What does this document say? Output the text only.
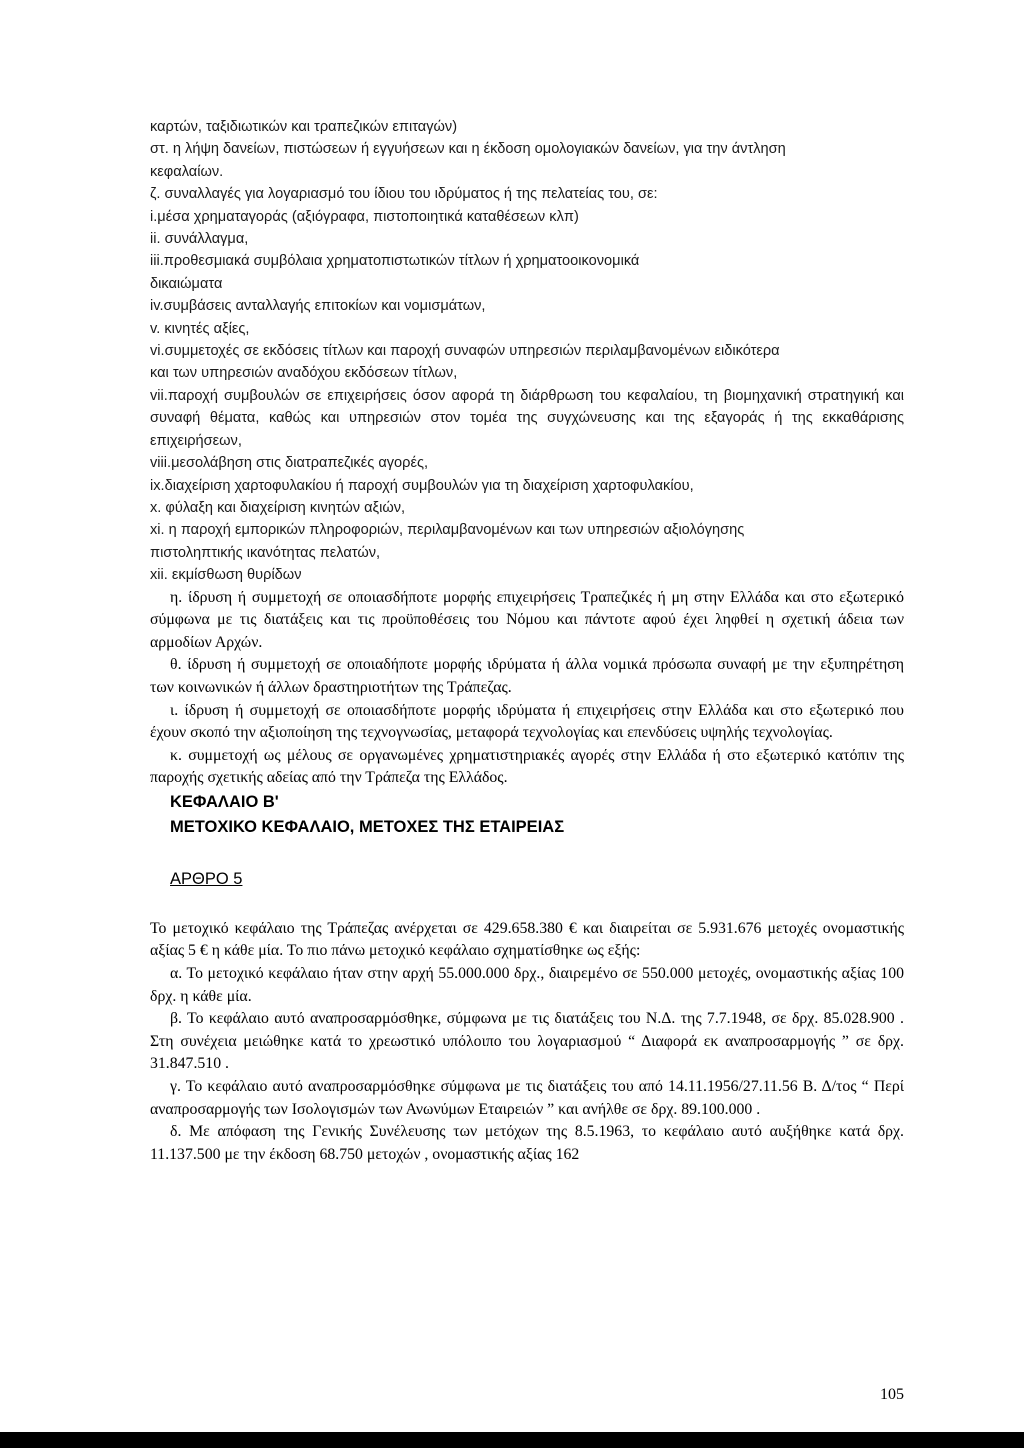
καρτών, ταξιδιωτικών και τραπεζικών επιταγών)

στ. η λήψη δανείων, πιστώσεων ή εγγυήσεων και η έκδοση ομολογιακών δανείων, για την άντληση κεφαλαίων.

ζ. συναλλαγές για λογαριασμό του ίδιου του ιδρύματος ή της πελατείας του, σε:

i.μέσα χρηματαγοράς (αξιόγραφα, πιστοποιητικά καταθέσεων κλπ)

ii. συνάλλαγμα,

iii.προθεσμιακά συμβόλαια χρηματοπιστωτικών τίτλων ή χρηματοοικονομικά δικαιώματα

iv.συμβάσεις ανταλλαγής επιτοκίων και νομισμάτων,

v. κινητές αξίες,

vi.συμμετοχές σε εκδόσεις τίτλων και παροχή συναφών υπηρεσιών περιλαμβανομένων ειδικότερα και των υπηρεσιών αναδόχου εκδόσεων τίτλων,

vii.παροχή συμβουλών σε επιχειρήσεις όσον αφορά τη διάρθρωση του κεφαλαίου, τη βιομηχανική στρατηγική και συναφή θέματα, καθώς και υπηρεσιών στον τομέα της συγχώνευσης και της εξαγοράς ή της εκκαθάρισης επιχειρήσεων,

viii.μεσολάβηση στις διατραπεζικές αγορές,

ix.διαχείριση χαρτοφυλακίου ή παροχή συμβουλών για τη διαχείριση χαρτοφυλακίου,

x. φύλαξη και διαχείριση κινητών αξιών,

xi. η παροχή εμπορικών πληροφοριών, περιλαμβανομένων και των υπηρεσιών αξιολόγησης πιστοληπτικής ικανότητας πελατών,

xii. εκμίσθωση θυρίδων

η. ίδρυση ή συμμετοχή σε οποιασδήποτε μορφής επιχειρήσεις Τραπεζικές ή μη στην Ελλάδα και στο εξωτερικό σύμφωνα με τις διατάξεις και τις προϋποθέσεις του Νόμου και πάντοτε αφού έχει ληφθεί η σχετική άδεια των αρμοδίων Αρχών.

θ. ίδρυση ή συμμετοχή σε οποιαδήποτε μορφής ιδρύματα ή άλλα νομικά πρόσωπα συναφή με την εξυπηρέτηση των κοινωνικών ή άλλων δραστηριοτήτων της Τράπεζας.

ι. ίδρυση ή συμμετοχή σε οποιασδήποτε μορφής ιδρύματα ή επιχειρήσεις στην Ελλάδα και στο εξωτερικό που έχουν σκοπό την αξιοποίηση της τεχνογνωσίας, μεταφορά τεχνολογίας και επενδύσεις υψηλής τεχνολογίας.

κ. συμμετοχή ως μέλους σε οργανωμένες χρηματιστηριακές αγορές στην Ελλάδα ή στο εξωτερικό κατόπιν της παροχής σχετικής αδείας από την Τράπεζα της Ελλάδος.

ΚΕΦΑΛΑΙΟ Β'
ΜΕΤΟΧΙΚΟ ΚΕΦΑΛΑΙΟ, ΜΕΤΟΧΕΣ ΤΗΣ ΕΤΑΙΡΕΙΑΣ
ΑΡΘΡΟ 5

Το μετοχικό κεφάλαιο της Τράπεζας ανέρχεται σε 429.658.380 € και διαιρείται σε 5.931.676 μετοχές ονομαστικής αξίας 5 € η κάθε μία. Το πιο πάνω μετοχικό κεφάλαιο σχηματίσθηκε ως εξής:

α. Το μετοχικό κεφάλαιο ήταν στην αρχή 55.000.000 δρχ., διαιρεμένο σε 550.000 μετοχές, ονομαστικής αξίας 100 δρχ. η κάθε μία.

β. Το κεφάλαιο αυτό αναπροσαρμόσθηκε, σύμφωνα με τις διατάξεις του Ν.Δ. της 7.7.1948, σε δρχ. 85.028.900 . Στη συνέχεια μειώθηκε κατά το χρεωστικό υπόλοιπο του λογαριασμού “ Διαφορά εκ αναπροσαρμογής ” σε δρχ. 31.847.510 .

γ. Το κεφάλαιο αυτό αναπροσαρμόσθηκε σύμφωνα με τις διατάξεις του από 14.11.1956/27.11.56 Β. Δ/τος “ Περί αναπροσαρμογής των Ισολογισμών των Ανωνύμων Εταιρειών ” και ανήλθε σε δρχ. 89.100.000 .

δ. Με απόφαση της Γενικής Συνέλευσης των μετόχων της 8.5.1963, το κεφάλαιο αυτό αυξήθηκε κατά δρχ. 11.137.500 με την έκδοση 68.750 μετοχών , ονομαστικής αξίας 162

105
